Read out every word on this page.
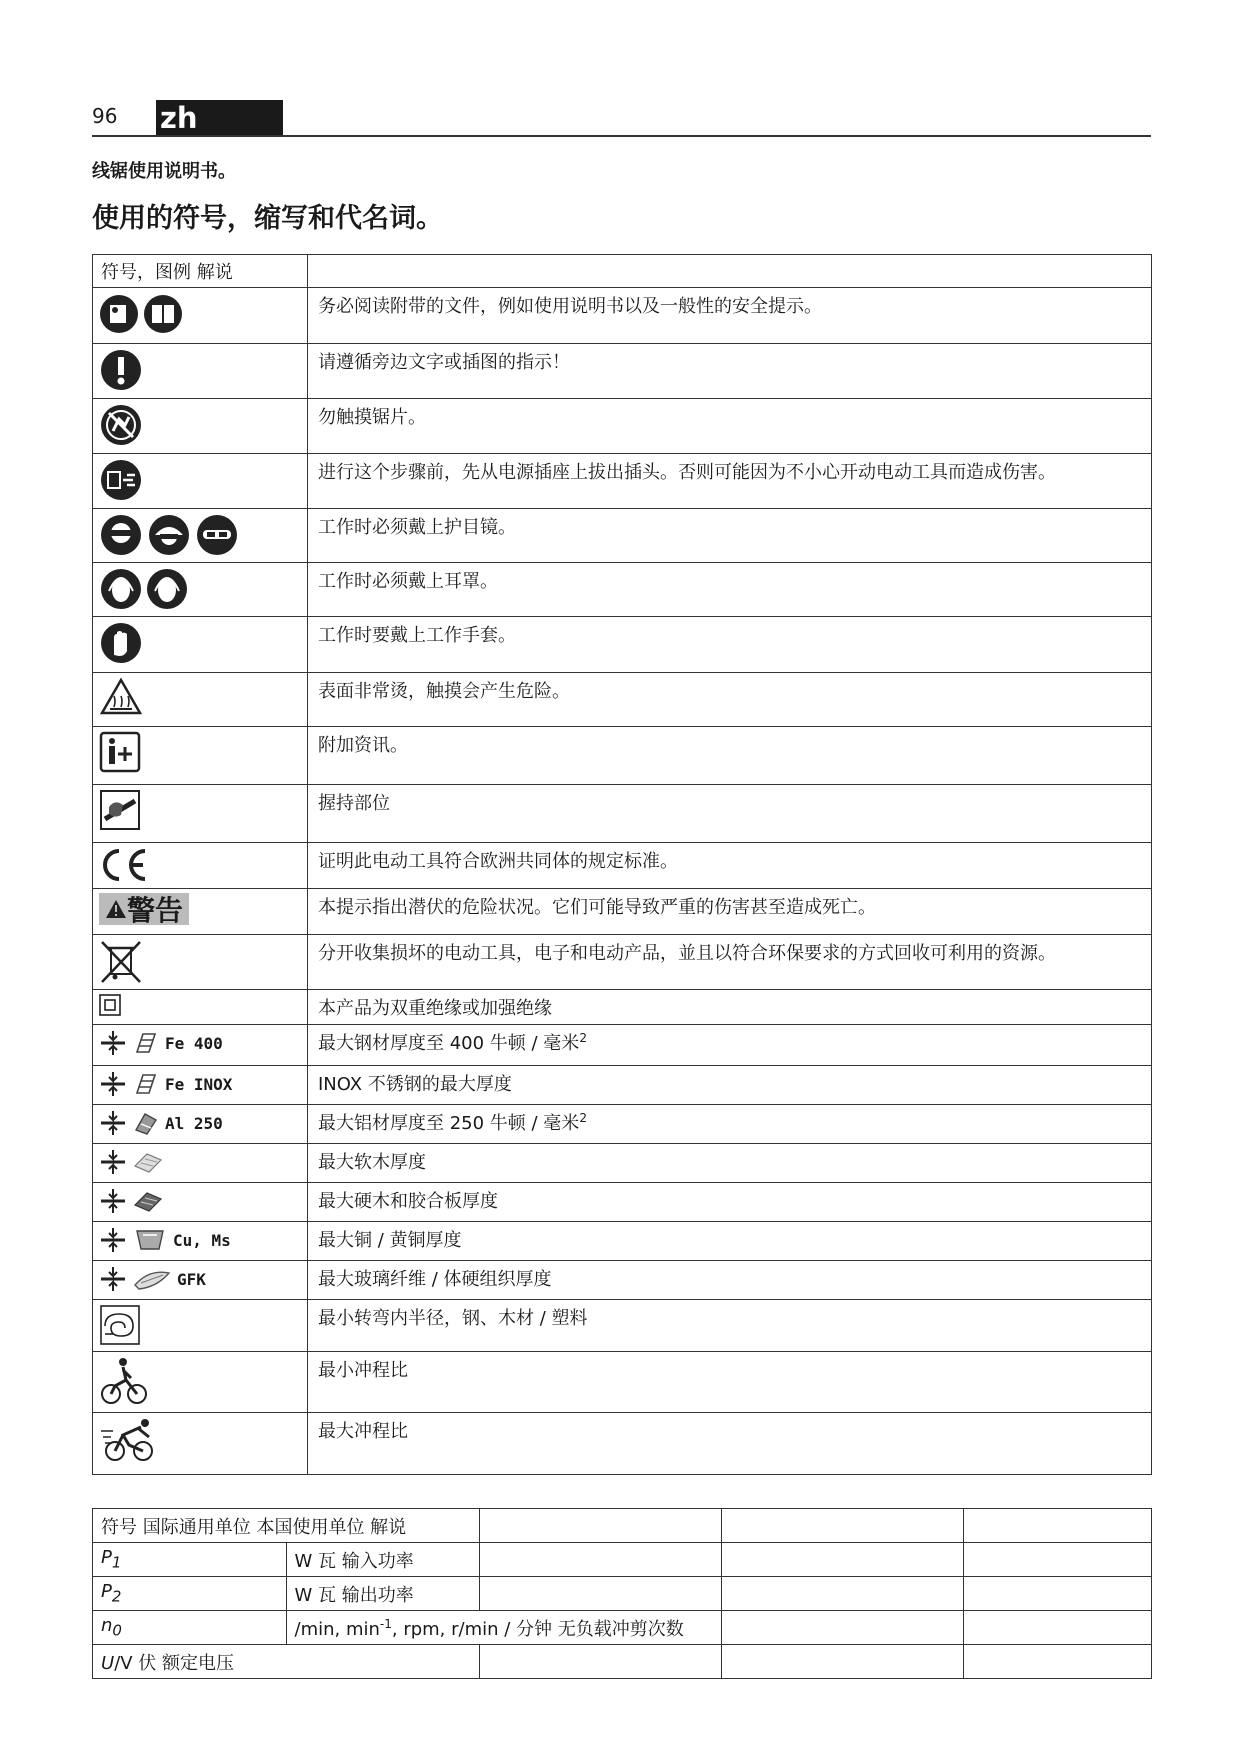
96 zh (CM)
线锯使用说明书。
使用的符号，缩写和代名词。
符号，图例 解说	

	务必阅读附带的文件，例如使用说明书以及一般性的安全提示。

	请遵循旁边文字或插图的指示！

	勿触摸锯片。

	进行这个步骤前，先从电源插座上拔出插头。否则可能因为不小心开动电动工具而造成伤害。

	工作时必须戴上护目镜。

	工作时必须戴上耳罩。

	工作时要戴上工作手套。

	表面非常烫，触摸会产生危险。

	附加资讯。

	握持部位

	证明此电动工具符合欧洲共同体的规定标准。

警告	本提示指出潜伏的危险状况。它们可能导致严重的伤害甚至造成死亡。

	分开收集损坏的电动工具，电子和电动产品，並且以符合环保要求的方式回收可利用的资源。

	本产品为双重绝缘或加强绝缘

Fe 400	最大钢材厚度至 400 牛顿 / 毫米$^2$

Fe INOX	INOX 不锈钢的最大厚度

Al 250	最大铝材厚度至 250 牛顿 / 毫米$^2$

	最大软木厚度

	最大硬木和胶合板厚度

Cu, Ms	最大铜 / 黄铜厚度

GFK	最大玻璃纤维 / 体硬组织厚度

	最小转弯内半径，钢、木材 / 塑料

	最小冲程比

	最大冲程比
符号 国际通用单位 本国使用单位 解说				
$P_1$	W 瓦 输入功率			
$P_2$	W 瓦 输出功率			
$n_0$	/min, $\min^{-1}$, rpm, r/min / 分钟 无负载冲剪次数			
U/V 伏 额定电压				
